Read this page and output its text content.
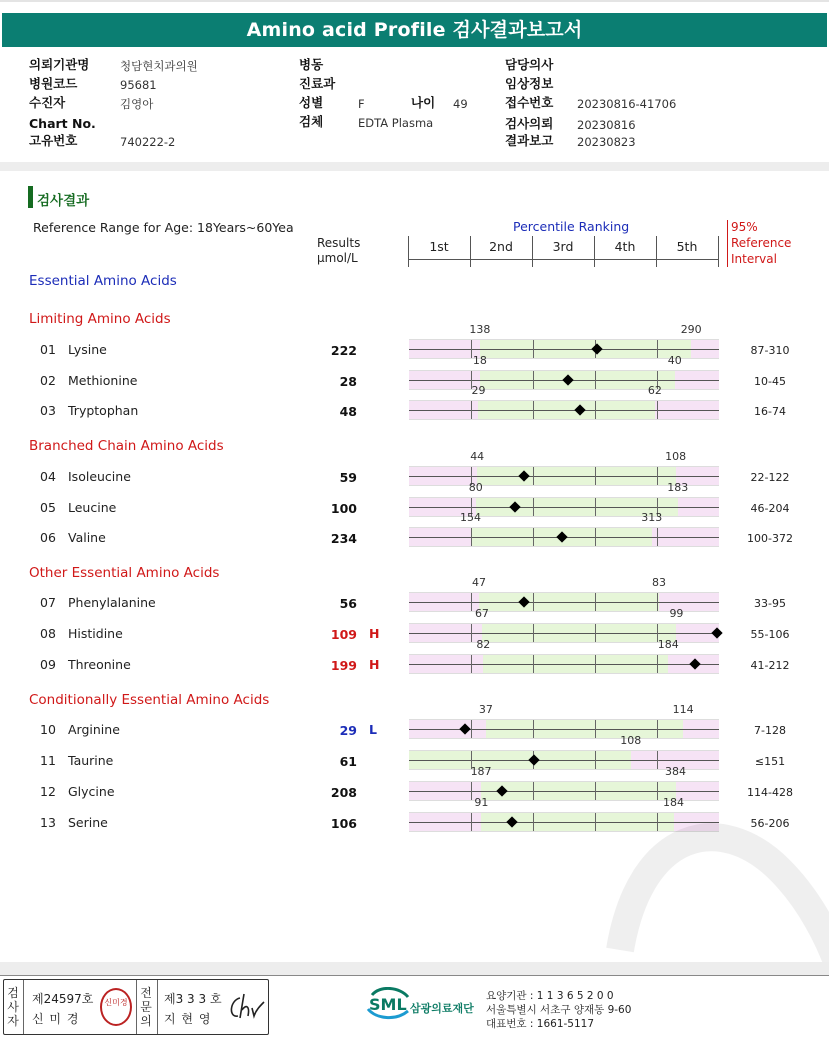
Amino acid Profile 검사결과보고서
의뢰기관명	청담현치과의원
병원코드	95681
수진자	김영아
Chart No.
고유번호	740222-2
병동
진료과
성별	F	나이 49
검체	EDTA Plasma
담당의사
임상정보
접수번호 20230816-41706
검사의뢰 20230816
결과보고 20230823
검사결과
Reference Range for Age: 18Years~60Yea	Percentile Ranking
Results
μmol/L
95%
Reference
Interval
1st	2nd	3rd	4th	5th
Essential Amino Acids
Limiting Amino Acids
01 Lysine	222	87-310
138	290
02 Methionine	28	10-45
18	40
03 Tryptophan	48	16-74
29	62
Branched Chain Amino Acids
04 Isoleucine	59	22-122
44	108
05 Leucine	100	46-204
80	183
06 Valine	234	100-372
154	313
Other Essential Amino Acids
07 Phenylalanine	56	33-95
47	83
08 Histidine	109 H	55-106
67	99
09 Threonine	199 H	41-212
82	184
Conditionally Essential Amino Acids
10 Arginine	29 L	7-128
37	114
11 Taurine	61	≤151
108
12 Glycine	208	114-428
187	384
13 Serine	106	56-206
91	184
검
사
자
제24597호
신 미 경
신미경
전
문
의
제3 3 3 호
지 현 영
SML 삼광의료재단
요양기관 : 1 1 3 6 5 2 0 0
서울특별시 서초구 양재동 9-60
대표번호 : 1661-5117
